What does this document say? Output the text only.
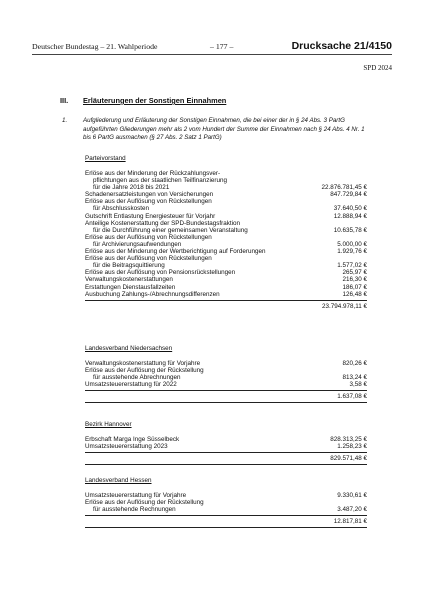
Deutscher Bundestag – 21. Wahlperiode	– 177 –	Drucksache 21/4150
SPD 2024
III. Erläuterungen der Sonstigen Einnahmen
1.	Aufgliederung und Erläuterung der Sonstigen Einnahmen, die bei einer der in § 24 Abs. 3 PartG aufgeführten Gliederungen mehr als 2 vom Hundert der Summe der Einnahmen nach § 24 Abs. 4 Nr. 1 bis 6 PartG ausmachen (§ 27 Abs. 2 Satz 1 PartG)
Parteivorstand
Erlöse aus der Minderung der Rückzahlungsver-
pflichtungen aus der staatlichen Teilfinanzierung
für die Jahre 2018 bis 2021	22.876.781,45 €
Schadenersatzleistungen von Versicherungen	847.729,84 €
Erlöse aus der Auflösung von Rückstellungen
für Abschlusskosten	37.640,50 €
Gutschrift Entlastung Energiesteuer für Vorjahr	12.888,94 €
Anteilige Kostenerstattung der SPD-Bundestagsfraktion
für die Durchführung einer gemeinsamen Veranstaltung	10.635,78 €
Erlöse aus der Auflösung von Rückstellungen
für Archivierungsaufwendungen	5.000,00 €
Erlöse aus der Minderung der Wertberichtigung auf Forderungen	1.929,76 €
Erlöse aus der Auflösung von Rückstellungen
für die Beitragsquittierung	1.577,02 €
Erlöse aus der Auflösung von Pensionsrückstellungen	265,97 €
Verwaltungskostenerstattungen	216,30 €
Erstattungen Dienstausfallzeiten	186,07 €
Ausbuchung Zahlungs-/Abrechnungsdifferenzen	126,48 €
23.794.978,11 €
Landesverband Niedersachsen
Verwaltungskostenerstattung für Vorjahre	820,26 €
Erlöse aus der Auflösung der Rückstellung
für ausstehende Abrechnungen	813,24 €
Umsatzsteuererstattung für 2022	3,58 €
1.637,08 €
Bezirk Hannover
Erbschaft Marga Inge Süsselbeck	828.313,25 €
Umsatzsteuererstattung 2023	1.258,23 €
829.571,48 €
Landesverband Hessen
Umsatzsteuererstattung für Vorjahre	9.330,61 €
Erlöse aus der Auflösung der Rückstellung
für ausstehende Rechnungen	3.487,20 €
12.817,81 €
